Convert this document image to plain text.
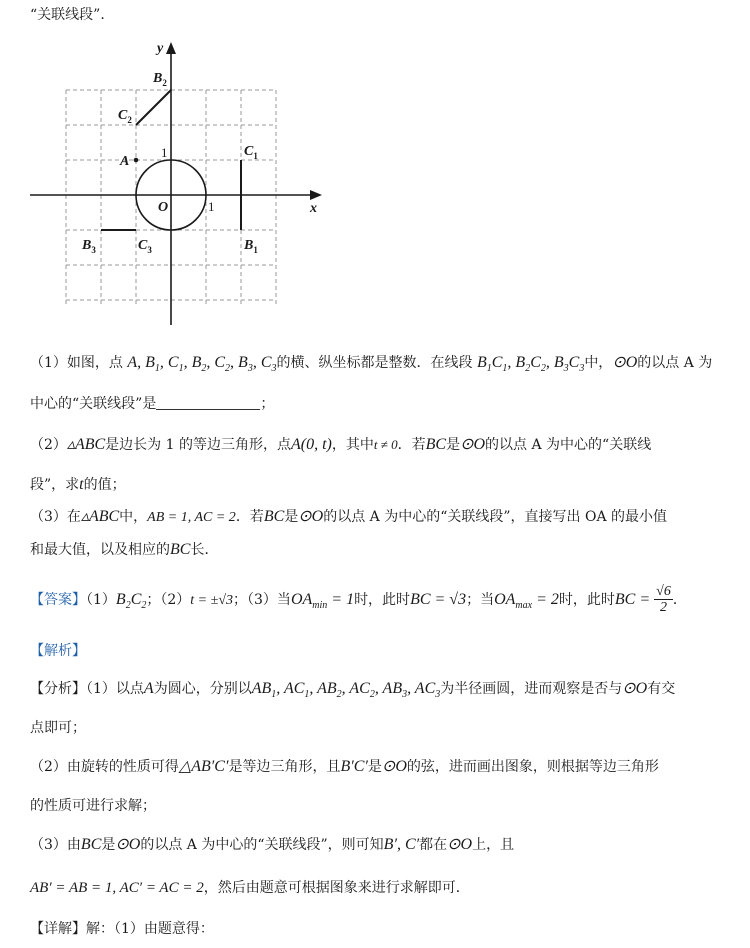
“关联线段”.
y
x
O
A
$B_2$
$C_2$
$C_1$
$B_1$
$B_3$	$C_3$
1
1
（1）如图，点 A, $B_1$, $C_1$, $B_2$, $C_2$, $B_3$, $C_3$的横、纵坐标都是整数．在线段 $B_1C_1$, $B_2C_2$, $B_3C_3$中，⊙O的以点 A 为
中心的“关联线段”是	；
（2）▵ABC是边长为 1 的等边三角形，点A(0, t)，其中t ≠ 0．若BC是⊙O的以点 A 为中心的“关联线
段”，求t的值；
（3）在▵ABC中，AB = 1, AC = 2．若BC是⊙O的以点 A 为中心的“关联线段”，直接写出 OA 的最小值
和最大值，以及相应的BC长．
【答案】$(1)B_2C_2$；（2）t = ±√3；（3）当$OA_{min} = 1$时，此时BC = √3；当$OA_{max} = 2$时，此时BC = $\frac{√6}{2}$ ．
【解析】
【分析】（1）以点A为圆心，分别以$AB_1$, $AC_1$, $AB_2$, $AC_2$, $AB_3$, $AC_3$为半径画圆，进而观察是否与⊙O有交
点即可；
（2）由旋转的性质可得△AB′C′是等边三角形，且B′C′是⊙O的弦，进而画出图象，则根据等边三角形
的性质可进行求解；
（3）由BC是⊙O的以点 A 为中心的“关联线段”，则可知B′, C′都在⊙O上，且
AB′ = AB = 1, AC′ = AC = 2，然后由题意可根据图象来进行求解即可．
【详解】解：（1）由题意得：
